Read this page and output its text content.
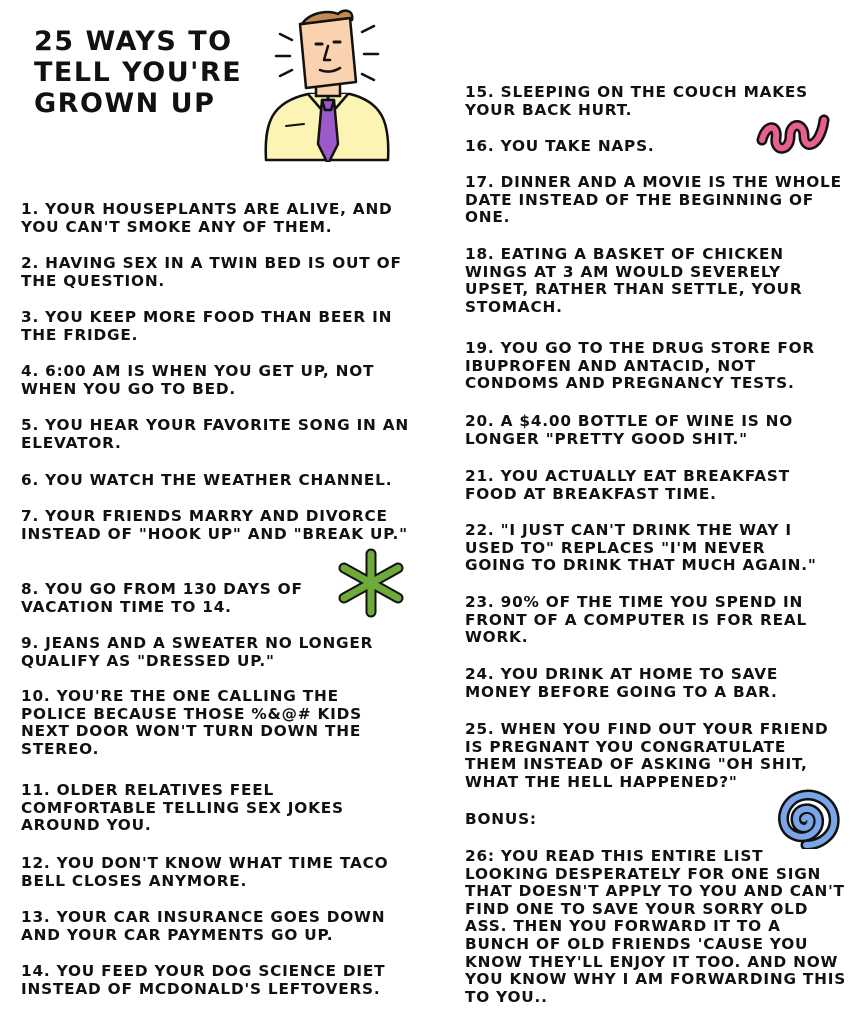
25 WAYS TO
TELL YOU'RE
GROWN UP

1. YOUR HOUSEPLANTS ARE ALIVE, AND YOU CAN'T SMOKE ANY OF THEM.

2. HAVING SEX IN A TWIN BED IS OUT OF THE QUESTION.

3. YOU KEEP MORE FOOD THAN BEER IN THE FRIDGE.

4. 6:00 AM IS WHEN YOU GET UP, NOT WHEN YOU GO TO BED.

5. YOU HEAR YOUR FAVORITE SONG IN AN ELEVATOR.

6. YOU WATCH THE WEATHER CHANNEL.

7. YOUR FRIENDS MARRY AND DIVORCE INSTEAD OF "HOOK UP" AND "BREAK UP."

8. YOU GO FROM 130 DAYS OF VACATION TIME TO 14.

9. JEANS AND A SWEATER NO LONGER QUALIFY AS "DRESSED UP."

10. YOU'RE THE ONE CALLING THE POLICE BECAUSE THOSE %&@# KIDS NEXT DOOR WON'T TURN DOWN THE STEREO.

11. OLDER RELATIVES FEEL COMFORTABLE TELLING SEX JOKES AROUND YOU.

12. YOU DON'T KNOW WHAT TIME TACO BELL CLOSES ANYMORE.

13. YOUR CAR INSURANCE GOES DOWN AND YOUR CAR PAYMENTS GO UP.

14. YOU FEED YOUR DOG SCIENCE DIET INSTEAD OF MCDONALD'S LEFTOVERS.

15. SLEEPING ON THE COUCH MAKES YOUR BACK HURT.

16. YOU TAKE NAPS.

17. DINNER AND A MOVIE IS THE WHOLE DATE INSTEAD OF THE BEGINNING OF ONE.

18. EATING A BASKET OF CHICKEN WINGS AT 3 AM WOULD SEVERELY UPSET, RATHER THAN SETTLE, YOUR STOMACH.

19. YOU GO TO THE DRUG STORE FOR IBUPROFEN AND ANTACID, NOT CONDOMS AND PREGNANCY TESTS.

20. A $4.00 BOTTLE OF WINE IS NO LONGER "PRETTY GOOD SHIT."

21. YOU ACTUALLY EAT BREAKFAST FOOD AT BREAKFAST TIME.

22. "I JUST CAN'T DRINK THE WAY I USED TO" REPLACES "I'M NEVER GOING TO DRINK THAT MUCH AGAIN."

23. 90% OF THE TIME YOU SPEND IN FRONT OF A COMPUTER IS FOR REAL WORK.

24. YOU DRINK AT HOME TO SAVE MONEY BEFORE GOING TO A BAR.

25. WHEN YOU FIND OUT YOUR FRIEND IS PREGNANT YOU CONGRATULATE THEM INSTEAD OF ASKING "OH SHIT, WHAT THE HELL HAPPENED?"

BONUS:

26: YOU READ THIS ENTIRE LIST LOOKING DESPERATELY FOR ONE SIGN THAT DOESN'T APPLY TO YOU AND CAN'T FIND ONE TO SAVE YOUR SORRY OLD ASS. THEN YOU FORWARD IT TO A BUNCH OF OLD FRIENDS 'CAUSE YOU KNOW THEY'LL ENJOY IT TOO. AND NOW YOU KNOW WHY I AM FORWARDING THIS TO YOU..
